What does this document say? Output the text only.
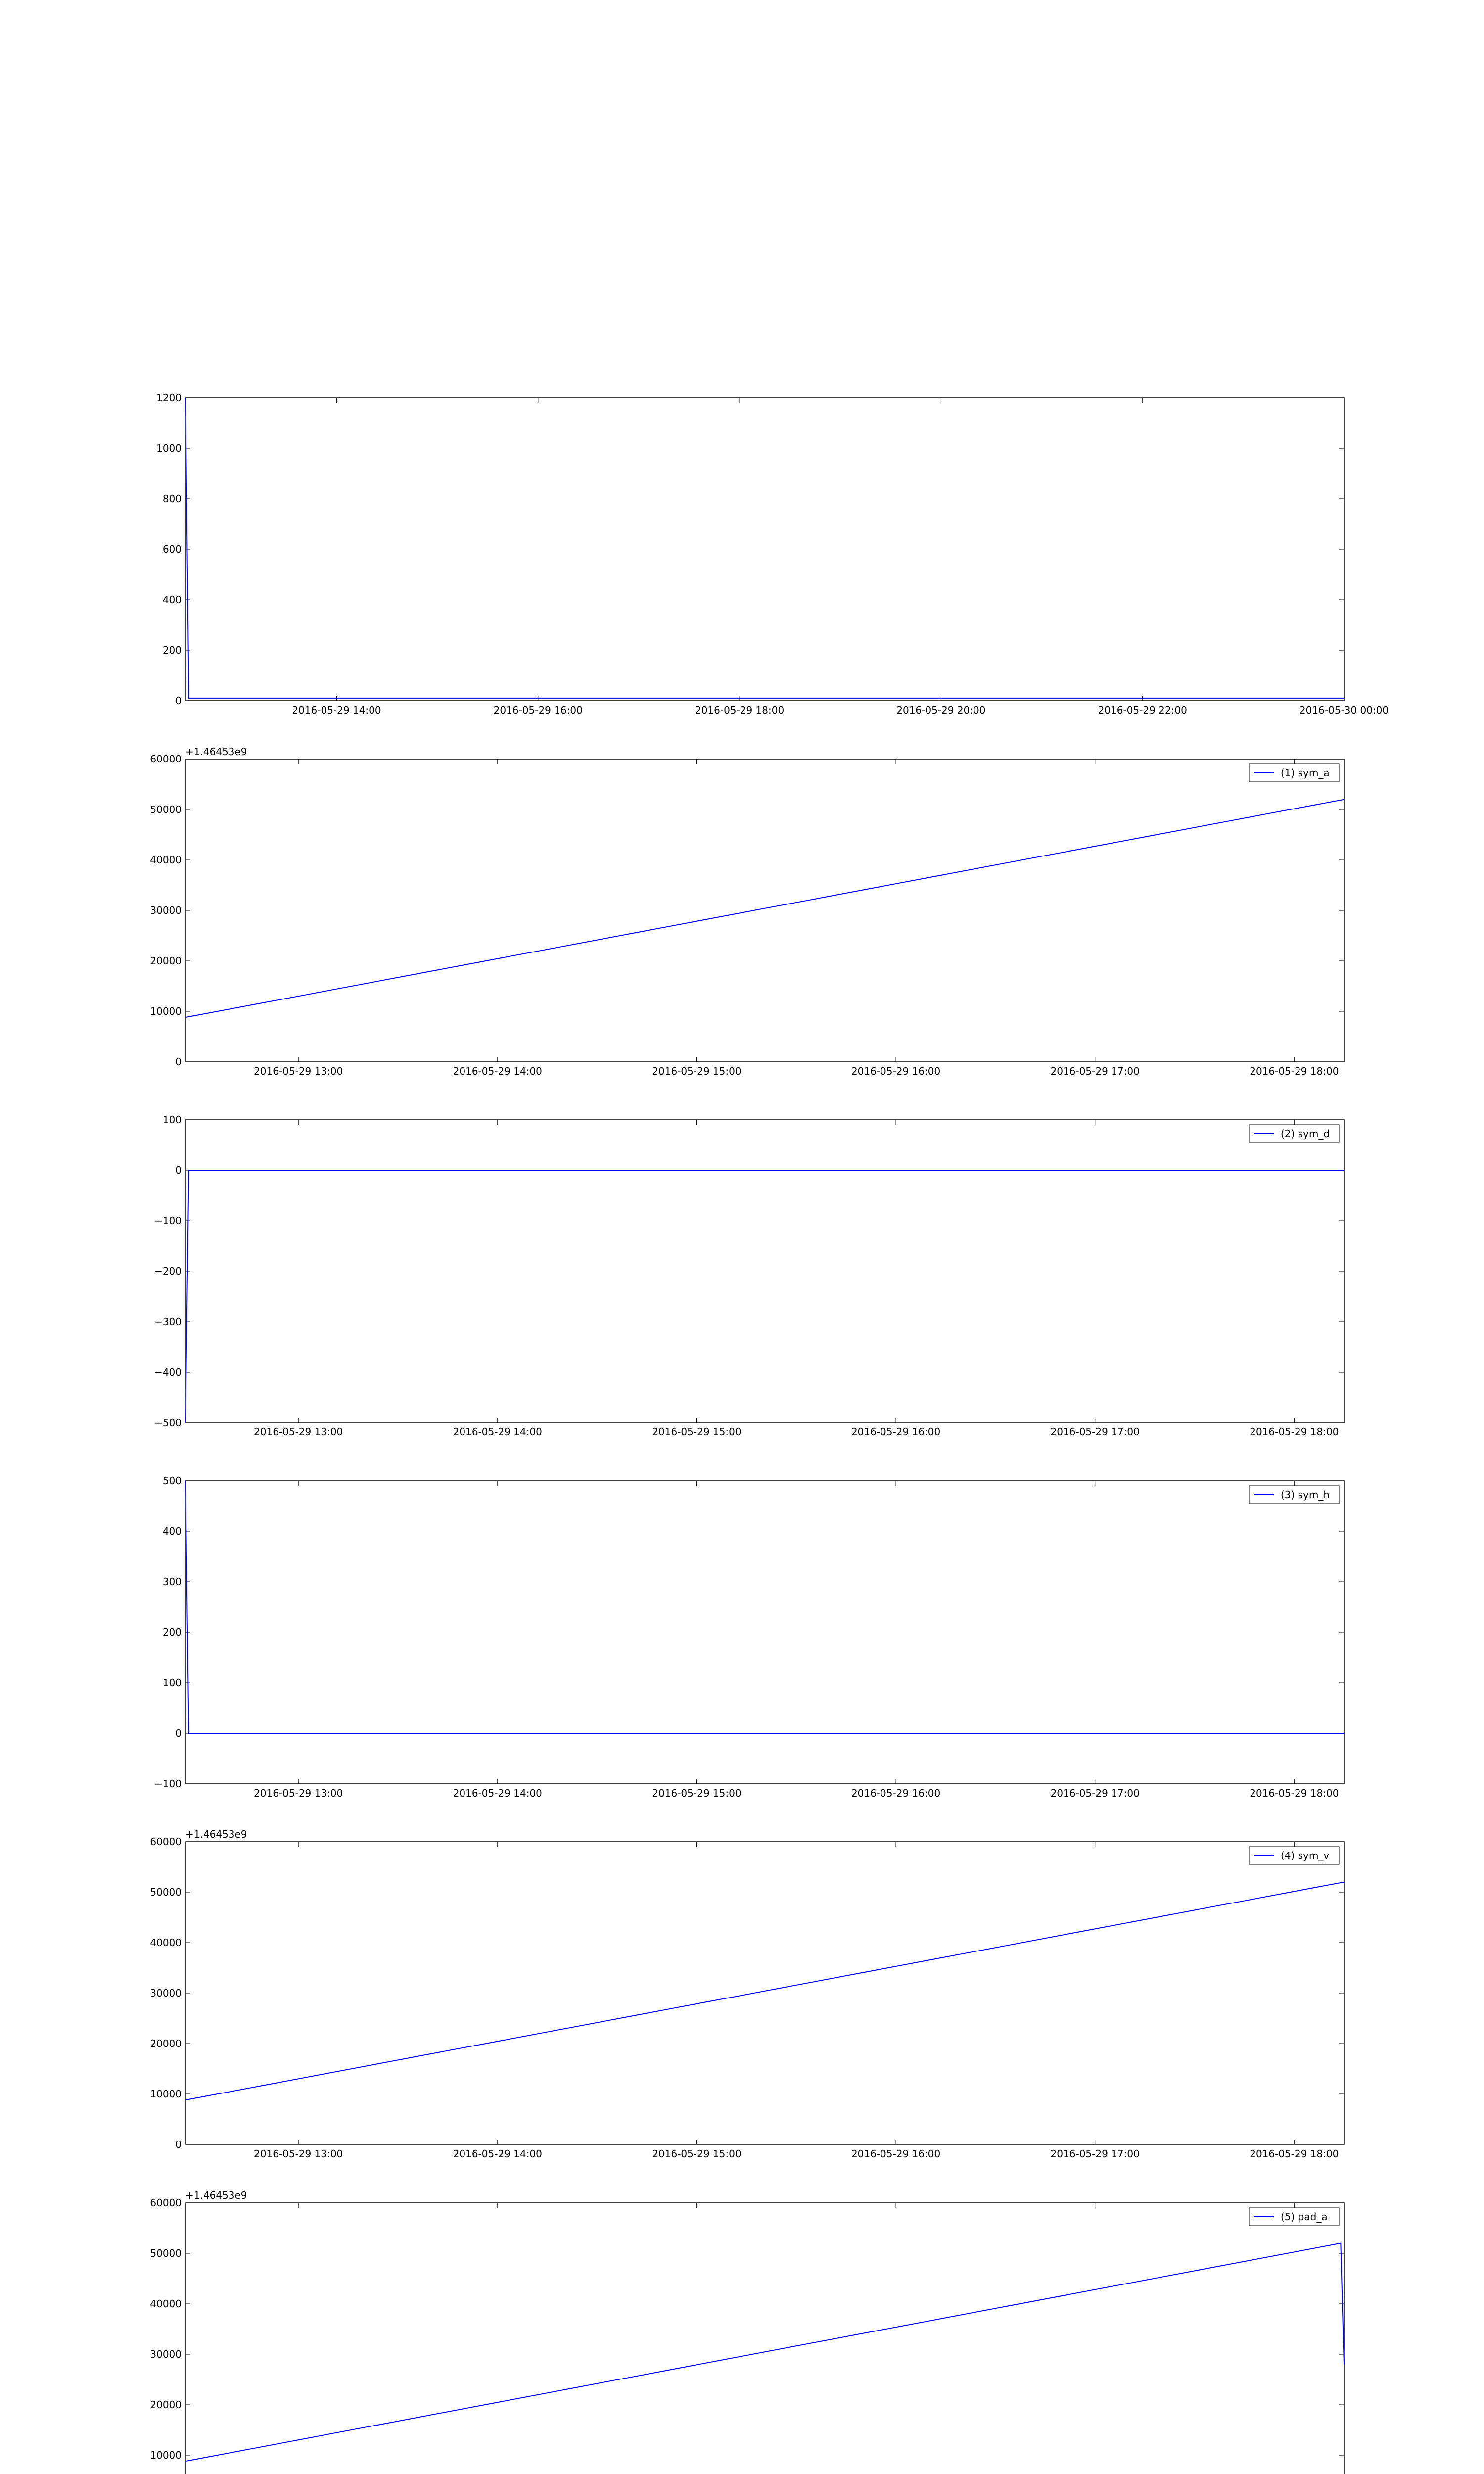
2016-05-29 14:00	2016-05-29 16:00	2016-05-29 18:00	2016-05-29 20:00	2016-05-29 22:00	2016-05-30 00:00
0
200
400
600
800
1000
1200
2016-05-29 13:00	2016-05-29 14:00	2016-05-29 15:00	2016-05-29 16:00	2016-05-29 17:00	2016-05-29 18:00
0
10000
20000
30000
40000
50000
60000
+1.46453e9
(1) sym_a
2016-05-29 13:00	2016-05-29 14:00	2016-05-29 15:00	2016-05-29 16:00	2016-05-29 17:00	2016-05-29 18:00
100
0
−100
−200
−300
−400
−500
(2) sym_d
2016-05-29 13:00	2016-05-29 14:00	2016-05-29 15:00	2016-05-29 16:00	2016-05-29 17:00	2016-05-29 18:00
500
400
300
200
100
0
−100
(3) sym_h
2016-05-29 13:00	2016-05-29 14:00	2016-05-29 15:00	2016-05-29 16:00	2016-05-29 17:00	2016-05-29 18:00
0
10000
20000
30000
40000
50000
60000
+1.46453e9
(4) sym_v
10000
20000
30000
40000
50000
60000
+1.46453e9
(5) pad_a
